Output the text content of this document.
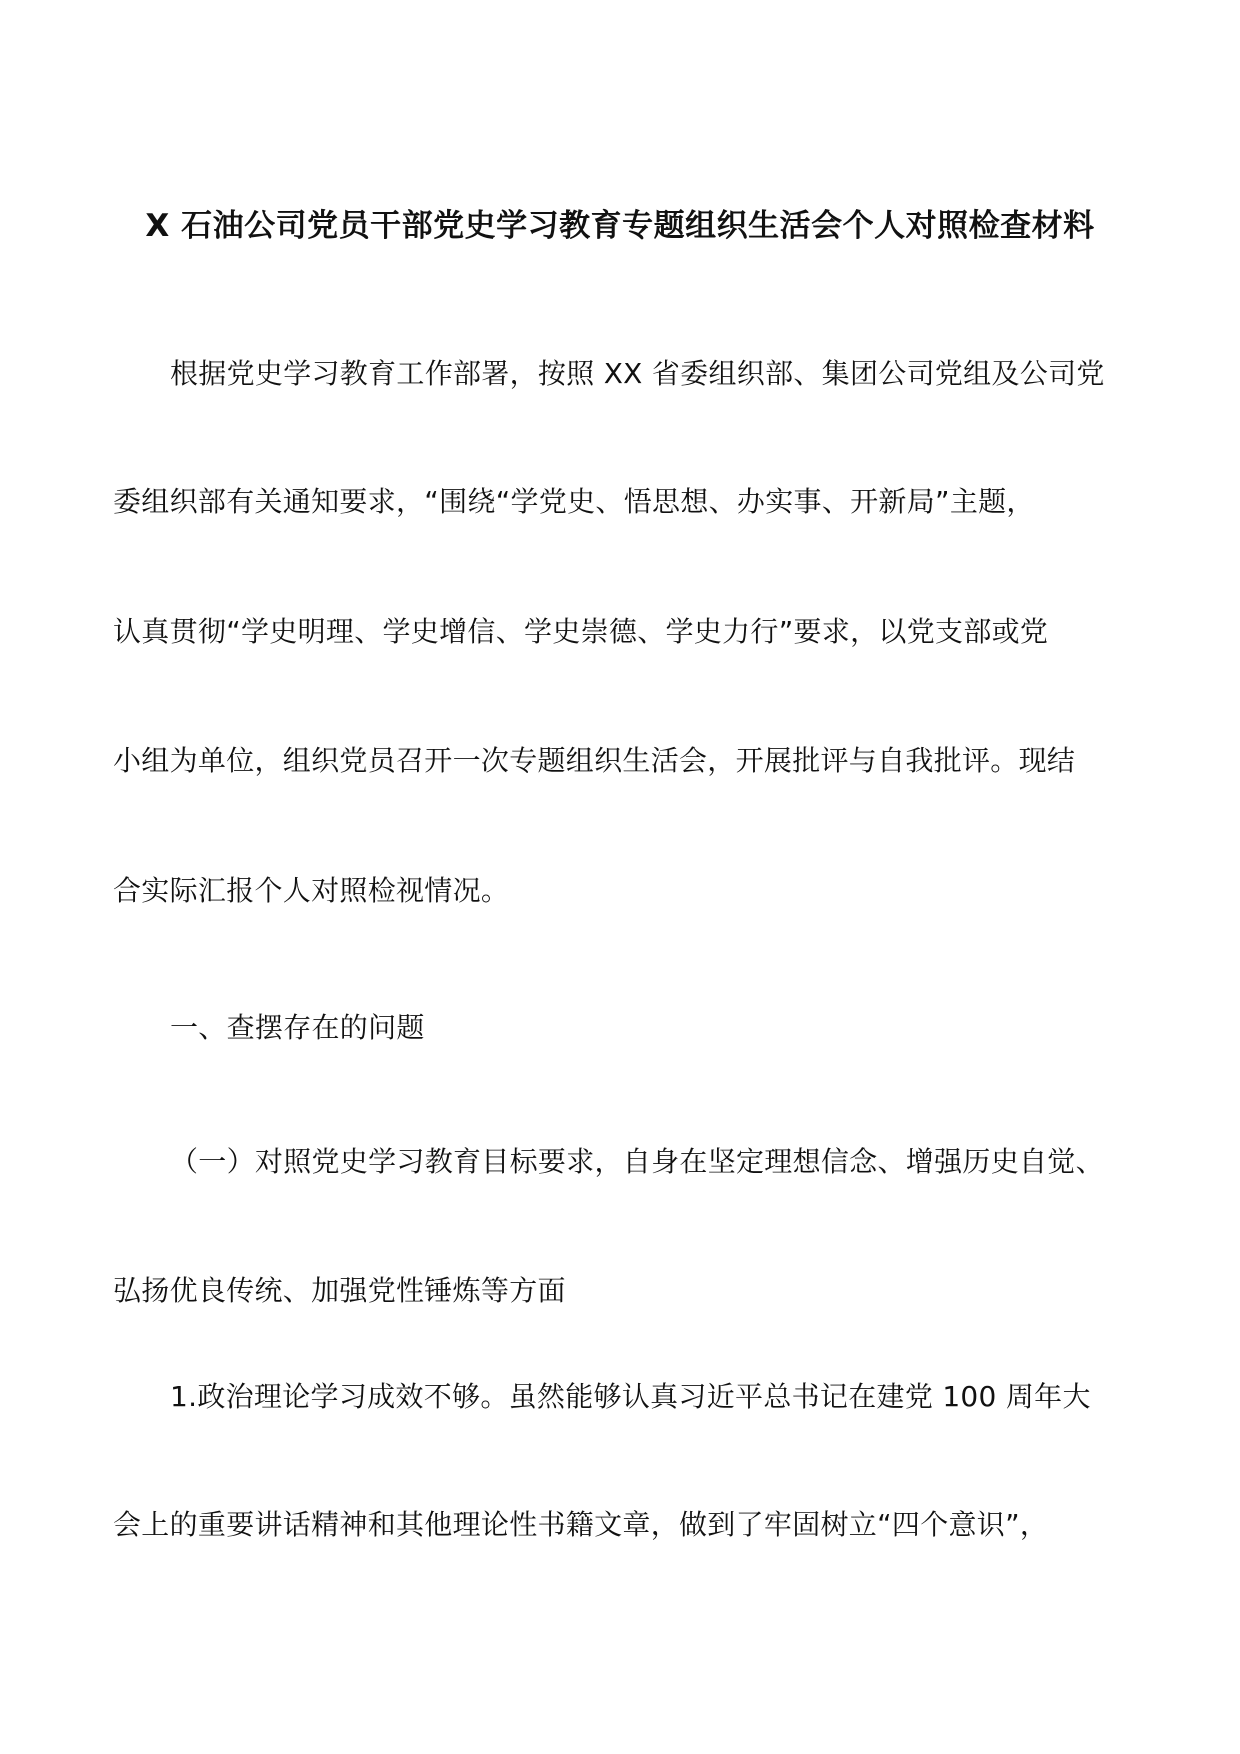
X 石油公司党员干部党史学习教育专题组织生活会个人对照检查材料
根据党史学习教育工作部署，按照 XX 省委组织部、集团公司党组及公司党
委组织部有关通知要求，“围绕“学党史、悟思想、办实事、开新局”主题，
认真贯彻“学史明理、学史增信、学史崇德、学史力行”要求，以党支部或党
小组为单位，组织党员召开一次专题组织生活会，开展批评与自我批评。现结
合实际汇报个人对照检视情况。
一、查摆存在的问题
（一）对照党史学习教育目标要求，自身在坚定理想信念、增强历史自觉、
弘扬优良传统、加强党性锤炼等方面
1.政治理论学习成效不够。虽然能够认真习近平总书记在建党 100 周年大
会上的重要讲话精神和其他理论性书籍文章，做到了牢固树立“四个意识”，
